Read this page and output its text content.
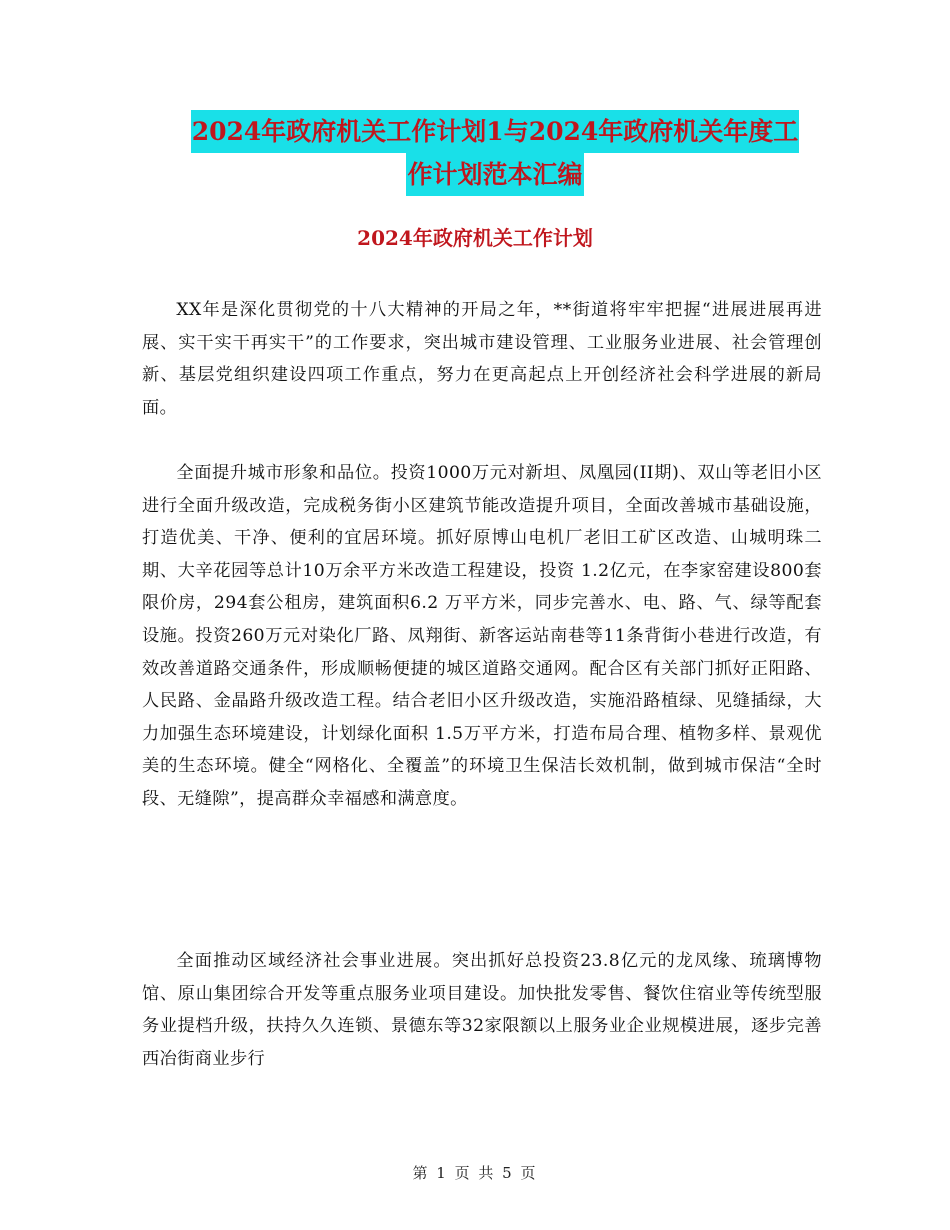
2024年政府机关工作计划1与2024年政府机关年度工
作计划范本汇编
2024年政府机关工作计划

XX年是深化贯彻党的十八大精神的开局之年，**街道将牢牢把握“进展进展再进展、实干实干再实干”的工作要求，突出城市建设管理、工业服务业进展、社会管理创新、基层党组织建设四项工作重点，努力在更高起点上开创经济社会科学进展的新局面。

全面提升城市形象和品位。投资1000万元对新坦、凤凰园(II期)、双山等老旧小区进行全面升级改造，完成税务街小区建筑节能改造提升项目，全面改善城市基础设施，打造优美、干净、便利的宜居环境。抓好原博山电机厂老旧工矿区改造、山城明珠二期、大辛花园等总计10万余平方米改造工程建设，投资 1.2亿元，在李家窑建设800套限价房，294套公租房，建筑面积6.2 万平方米，同步完善水、电、路、气、绿等配套设施。投资260万元对染化厂路、凤翔街、新客运站南巷等11条背街小巷进行改造，有效改善道路交通条件，形成顺畅便捷的城区道路交通网。配合区有关部门抓好正阳路、人民路、金晶路升级改造工程。结合老旧小区升级改造，实施沿路植绿、见缝插绿，大力加强生态环境建设，计划绿化面积 1.5万平方米，打造布局合理、植物多样、景观优美的生态环境。健全“网格化、全覆盖”的环境卫生保洁长效机制，做到城市保洁“全时段、无缝隙”，提高群众幸福感和满意度。

全面推动区域经济社会事业进展。突出抓好总投资23.8亿元的龙凤缘、琉璃博物馆、原山集团综合开发等重点服务业项目建设。加快批发零售、餐饮住宿业等传统型服务业提档升级，扶持久久连锁、景德东等32家限额以上服务业企业规模进展，逐步完善西冶街商业步行

第 1 页 共 5 页
